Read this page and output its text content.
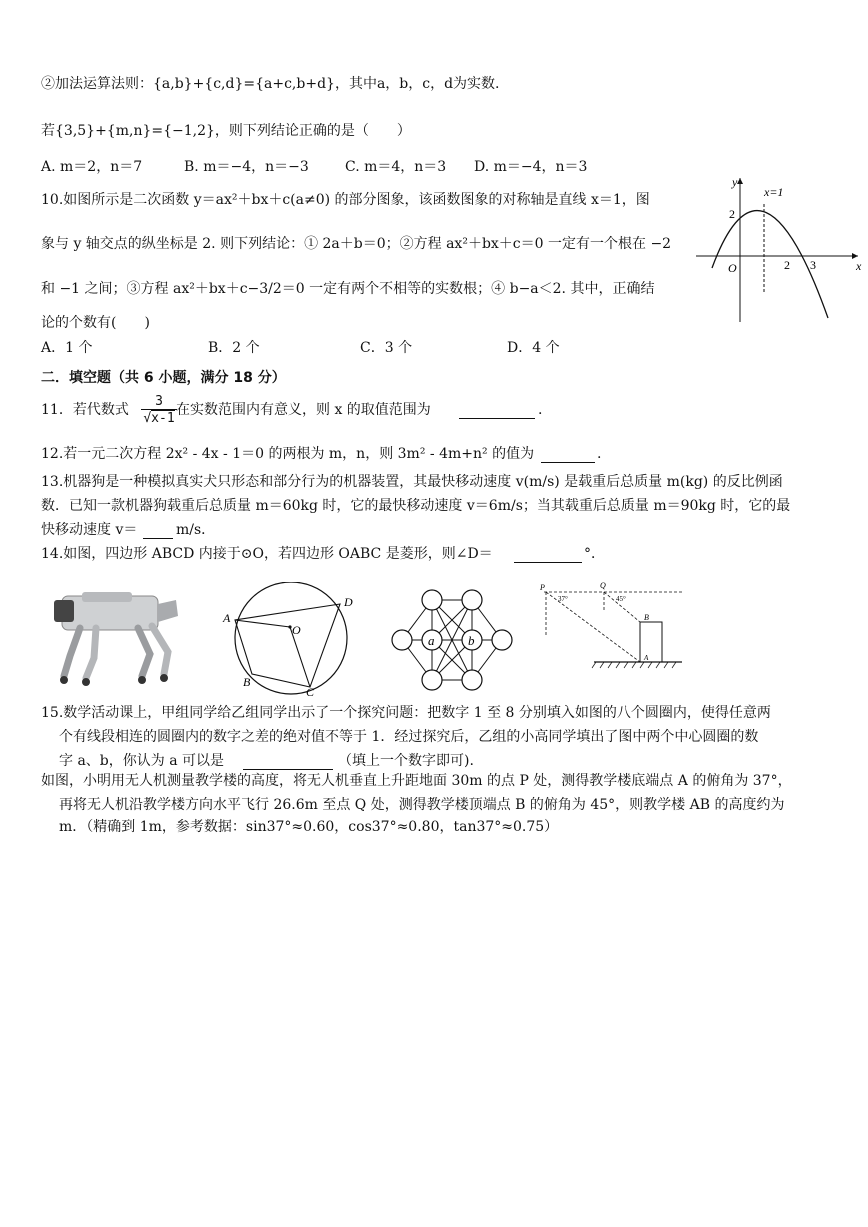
②加法运算法则：{a,b}+{c,d}={a+c,b+d}，其中a，b，c，d为实数.
若{3,5}+{m,n}={−1,2}，则下列结论正确的是（　　）
A. m＝2，n＝7	B. m＝−4，n＝−3	C. m＝4，n＝3 D. m＝−4，n＝3
10.如图所示是二次函数 y＝ax²＋bx＋c(a≠0) 的部分图象，该函数图象的对称轴是直线 x＝1，图
象与 y 轴交点的纵坐标是 2. 则下列结论：① 2a＋b＝0；②方程 ax²＋bx＋c＝0 一定有一个根在 −2
和 −1 之间；③方程 ax²＋bx＋c−3/2＝0 一定有两个不相等的实数根；④ b−a＜2. 其中，正确结
论的个数有(　　)
A．1 个	B．2 个	C．3 个	D．4 个
O
y
x
x=1
2
2 3
二．填空题（共 6 小题，满分 18 分）
11．若代数式 $\frac{3}{√x-1}$ 在实数范围内有意义，则 x 的取值范围为	.
12.若一元二次方程 2x² - 4x - 1＝0 的两根为 m，n，则 3m² - 4m+n² 的值为	.
13.机器狗是一种模拟真实犬只形态和部分行为的机器装置，其最快移动速度 v(m/s) 是载重后总质量 m(kg) 的反比例函
数．已知一款机器狗载重后总质量 m＝60kg 时，它的最快移动速度 v＝6m/s；当其载重后总质量 m＝90kg 时，它的最
快移动速度 v＝	m/s．
14.如图，四边形 ABCD 内接于⊙O，若四边形 OABC 是菱形，则∠D＝	°．
A
B
C
D
O
a	b
P	Q
B
A
37°	45°
15.数学活动课上，甲组同学给乙组同学出示了一个探究问题：把数字 1 至 8 分别填入如图的八个圆圈内，使得任意两
个有线段相连的圆圈内的数字之差的绝对值不等于 1．经过探究后，乙组的小高同学填出了图中两个中心圆圈的数
字 a、b，你认为 a 可以是	（填上一个数字即可).
如图，小明用无人机测量教学楼的高度，将无人机垂直上升距地面 30m 的点 P 处，测得教学楼底端点 A 的俯角为 37°，
再将无人机沿教学楼方向水平飞行 26.6m 至点 Q 处，测得教学楼顶端点 B 的俯角为 45°，则教学楼 AB 的高度约为
m．（精确到 1m，参考数据：sin37°≈0.60，cos37°≈0.80，tan37°≈0.75）
